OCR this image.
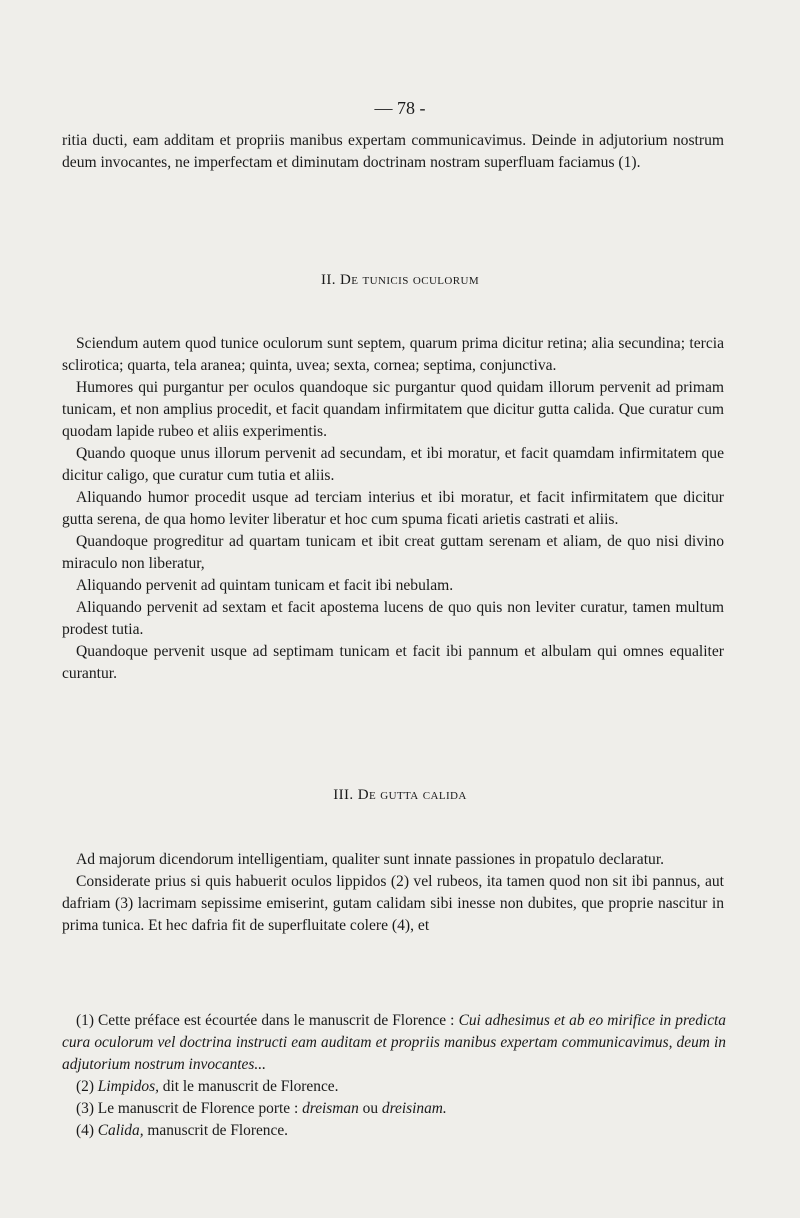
— 78 -

ritia ducti, eam additam et propriis manibus expertam communicavimus. Deinde in adjutorium nostrum deum invocantes, ne imperfectam et diminutam doctrinam nostram superfluam faciamus (1).

II. De tunicis oculorum

Sciendum autem quod tunice oculorum sunt septem, quarum prima dicitur retina; alia secundina; tercia sclirotica; quarta, tela aranea; quinta, uvea; sexta, cornea; septima, conjunctiva.

Humores qui purgantur per oculos quandoque sic purgantur quod quidam illorum pervenit ad primam tunicam, et non amplius procedit, et facit quandam infirmitatem que dicitur gutta calida. Que curatur cum quodam lapide rubeo et aliis experimentis.

Quando quoque unus illorum pervenit ad secundam, et ibi moratur, et facit quamdam infirmitatem que dicitur caligo, que curatur cum tutia et aliis.

Aliquando humor procedit usque ad terciam interius et ibi moratur, et facit infirmitatem que dicitur gutta serena, de qua homo leviter liberatur et hoc cum spuma ficati arietis castrati et aliis.

Quandoque progreditur ad quartam tunicam et ibit creat guttam serenam et aliam, de quo nisi divino miraculo non liberatur,

Aliquando pervenit ad quintam tunicam et facit ibi nebulam.

Aliquando pervenit ad sextam et facit apostema lucens de quo quis non leviter curatur, tamen multum prodest tutia.

Quandoque pervenit usque ad septimam tunicam et facit ibi pannum et albulam qui omnes equaliter curantur.

III. De gutta calida

Ad majorum dicendorum intelligentiam, qualiter sunt innate passiones in propatulo declaratur.

Considerate prius si quis habuerit oculos lippidos (2) vel rubeos, ita tamen quod non sit ibi pannus, aut dafriam (3) lacrimam sepissime emiserint, gutam calidam sibi inesse non dubites, que proprie nascitur in prima tunica. Et hec dafria fit de superfluitate colere (4), et

(1) Cette préface est écourtée dans le manuscrit de Florence : Cui adhesimus et ab eo mirifice in predicta cura oculorum vel doctrina instructi eam auditam et propriis manibus expertam communicavimus, deum in adjutorium nostrum invocantes...

(2) Limpidos, dit le manuscrit de Florence.

(3) Le manuscrit de Florence porte : dreisman ou dreisinam.

(4) Calida, manuscrit de Florence.
